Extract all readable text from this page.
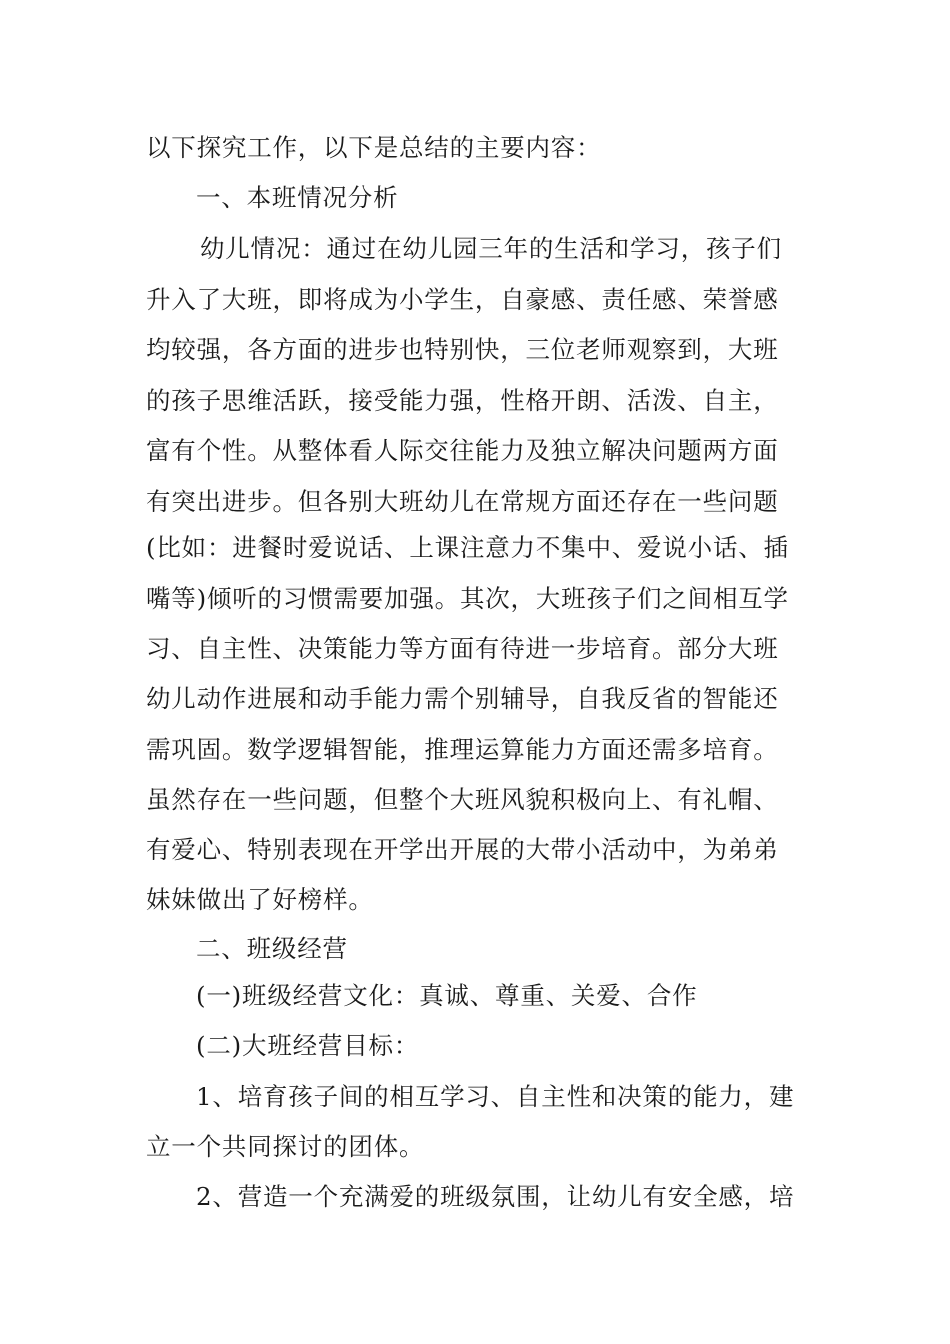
以下探究工作，以下是总结的主要内容：
一、本班情况分析
幼儿情况：通过在幼儿园三年的生活和学习，孩子们
升入了大班，即将成为小学生，自豪感、责任感、荣誉感
均较强，各方面的进步也特别快，三位老师观察到，大班
的孩子思维活跃，接受能力强，性格开朗、活泼、自主，
富有个性。从整体看人际交往能力及独立解决问题两方面
有突出进步。但各别大班幼儿在常规方面还存在一些问题
(比如：进餐时爱说话、上课注意力不集中、爱说小话、插
嘴等)倾听的习惯需要加强。其次，大班孩子们之间相互学
习、自主性、决策能力等方面有待进一步培育。部分大班
幼儿动作进展和动手能力需个别辅导，自我反省的智能还
需巩固。数学逻辑智能，推理运算能力方面还需多培育。
虽然存在一些问题，但整个大班风貌积极向上、有礼帽、
有爱心、特别表现在开学出开展的大带小活动中，为弟弟
妹妹做出了好榜样。
二、班级经营
(一)班级经营文化：真诚、尊重、关爱、合作
(二)大班经营目标：
1、培育孩子间的相互学习、自主性和决策的能力，建
立一个共同探讨的团体。
2、营造一个充满爱的班级氛围，让幼儿有安全感，培
